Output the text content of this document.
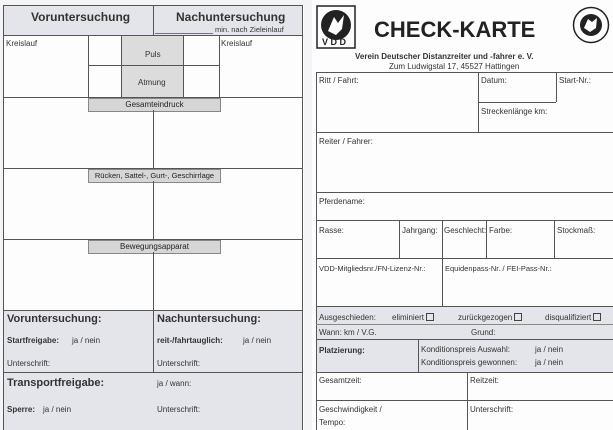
Voruntersuchung	Nachuntersuchung
min. nach Zieleinlauf
Kreislauf	Kreislauf
Puls
Atmung
Gesamteindruck
Rücken, Sattel-, Gurt-, Geschirrlage
Bewegungsapparat
Voruntersuchung:	Nachuntersuchung:
Startfreigabe: ja / nein	reit-/fahrtauglich:	ja / nein
Unterschrift:	Unterschrift:
Transportfreigabe:	ja / wann:
Sperre: ja / nein	Unterschrift:
V D D CHECK-KARTE
Verein Deutscher Distanzreiter und -fahrer e. V.
Zum Ludwigstal 17, 45527 Hattingen
Ritt / Fahrt:	Datum:	Start-Nr.:
Streckenlänge km:
Reiter / Fahrer:
Pferdename:
Rasse:	Jahrgang: Geschlecht: Farbe:	Stockmaß:
VDD-Mitgliedsnr./FN-Lizenz-Nr.:	Equidenpass-Nr. / FEI-Pass-Nr.:
Ausgeschieden: eliminiert	zurückgezogen	disqualifiziert
Wann: km / V.G.	Grund:
Platzierung:	Konditionspreis Auswahl:	ja / nein
Konditionspreis gewonnen: ja / nein
Gesamtzeit:	Reitzeit:
Geschwindigkeit /
Tempo:
Unterschrift:
